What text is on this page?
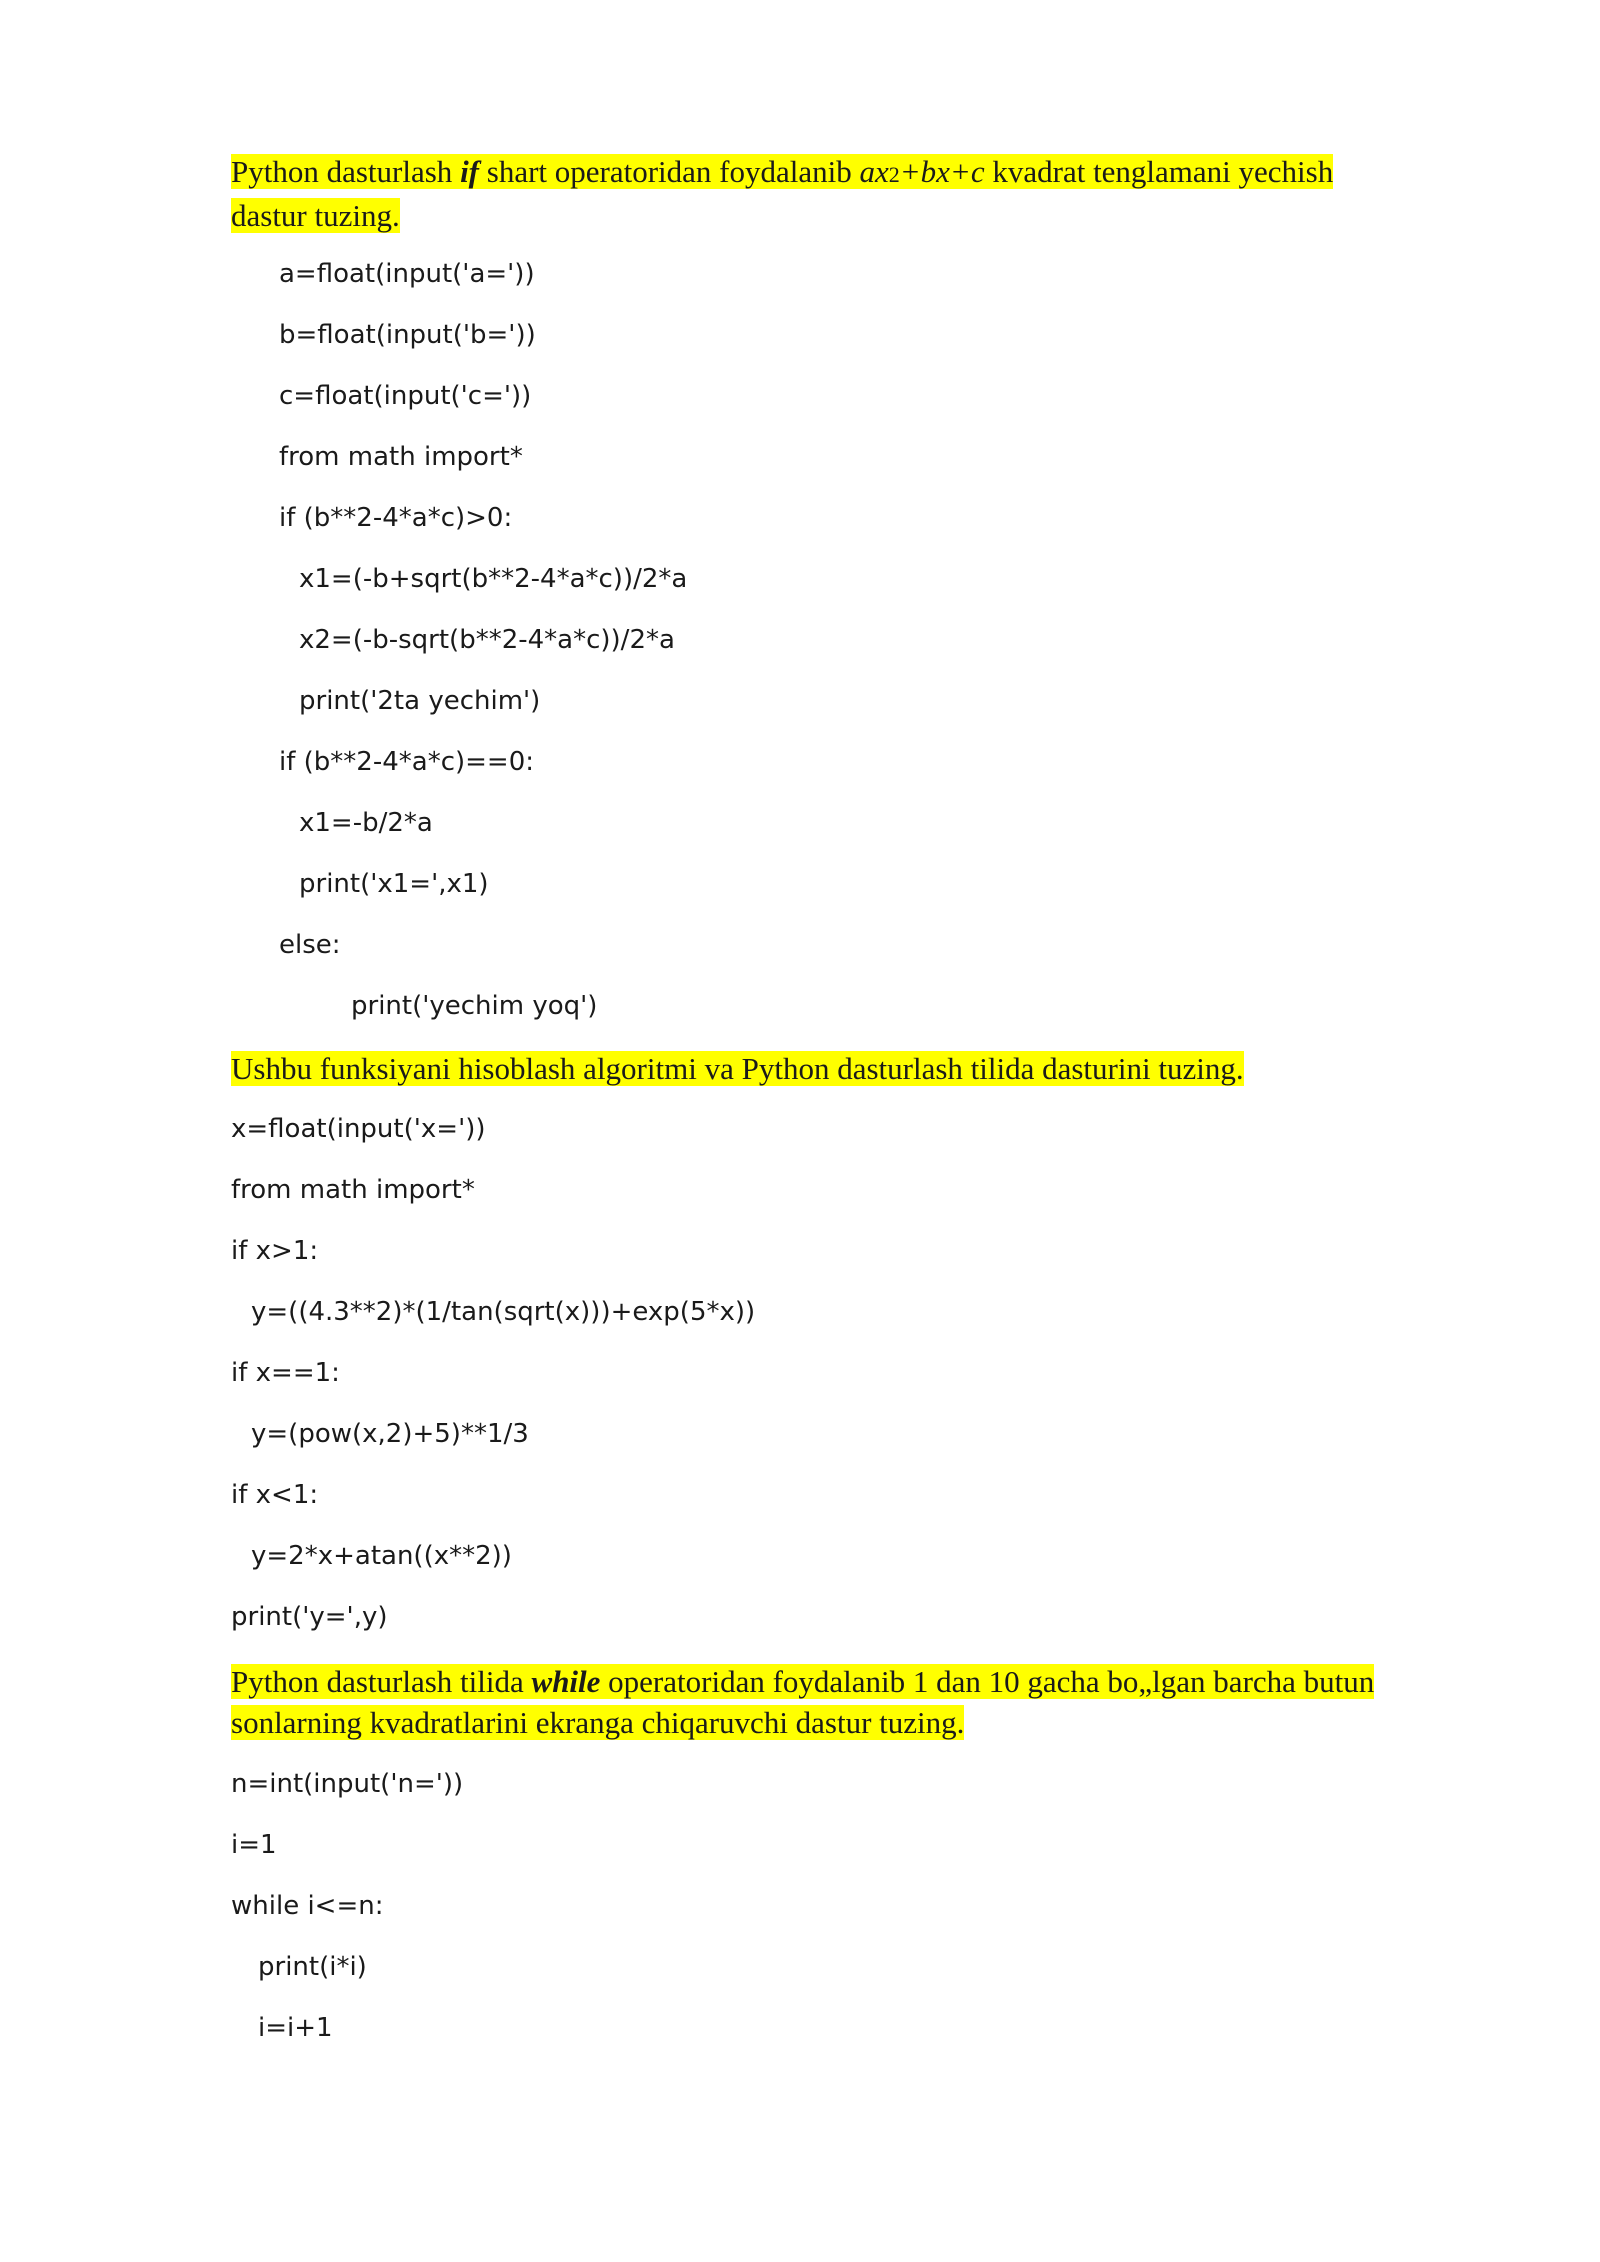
Python dasturlash if shart operatoridan foydalanib ax2+bx+c kvadrat tenglamani yechish
dastur tuzing.

a=float(input('a='))
b=float(input('b='))
c=float(input('c='))
from math import*
if (b**2-4*a*c)>0:
x1=(-b+sqrt(b**2-4*a*c))/2*a
x2=(-b-sqrt(b**2-4*a*c))/2*a
print('2ta yechim')
if (b**2-4*a*c)==0:
x1=-b/2*a
print('x1=',x1)
else:
print('yechim yoq')

Ushbu funksiyani hisoblash algoritmi va Python dasturlash tilida dasturini tuzing.

x=float(input('x='))
from math import*
if x>1:
y=((4.3**2)*(1/tan(sqrt(x)))+exp(5*x))
if x==1:
y=(pow(x,2)+5)**1/3
if x<1:
y=2*x+atan((x**2))
print('y=',y)

Python dasturlash tilida while operatoridan foydalanib 1 dan 10 gacha bo„lgan barcha butun
sonlarning kvadratlarini ekranga chiqaruvchi dastur tuzing.

n=int(input('n='))
i=1
while i<=n:
print(i*i)
i=i+1
